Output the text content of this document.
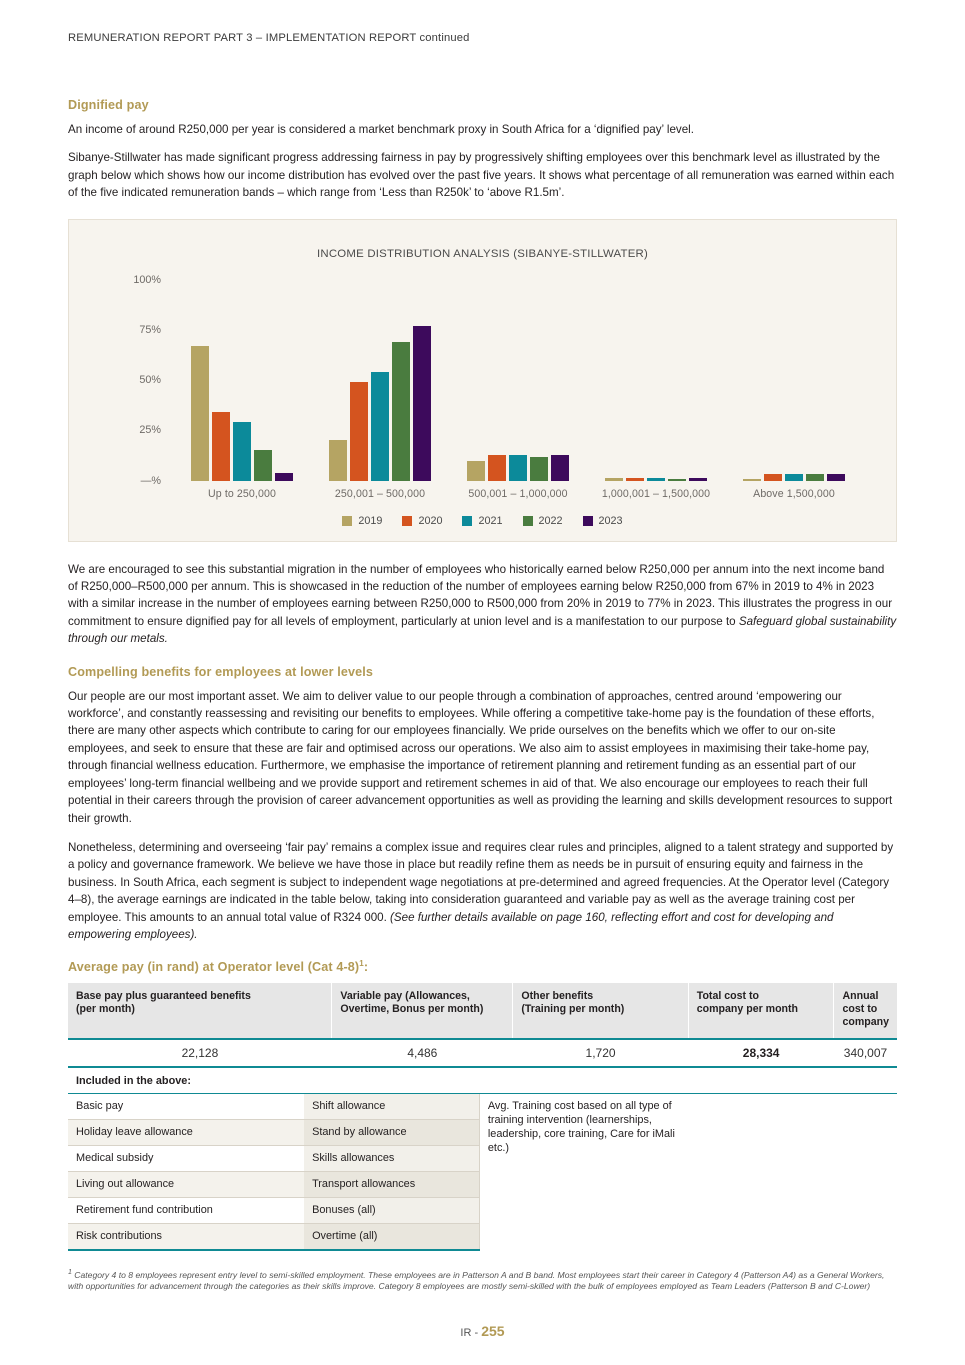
REMUNERATION REPORT PART 3 – IMPLEMENTATION REPORT continued
Dignified pay

An income of around R250,000 per year is considered a market benchmark proxy in South Africa for a ‘dignified pay’ level.

Sibanye-Stillwater has made significant progress addressing fairness in pay by progressively shifting employees over this benchmark level as illustrated by the graph below which shows how our income distribution has evolved over the past five years. It shows what percentage of all remuneration was earned within each of the five indicated remuneration bands – which range from ‘Less than R250k’ to ‘above R1.5m’.

INCOME DISTRIBUTION ANALYSIS (SIBANYE-STILLWATER)
100%
75%
50%
25%
—%
Up to 250,000	250,001 – 500,000	500,001 – 1,000,000	1,000,001 – 1,500,000	Above 1,500,000
2019	2020	2021	2022	2023

We are encouraged to see this substantial migration in the number of employees who historically earned below R250,000 per annum into the next income band of R250,000–R500,000 per annum. This is showcased in the reduction of the number of employees earning below R250,000 from 67% in 2019 to 4% in 2023 with a similar increase in the number of employees earning between R250,000 to R500,000 from 20% in 2019 to 77% in 2023. This illustrates the progress in our commitment to ensure dignified pay for all levels of employment, particularly at union level and is a manifestation to our purpose to Safeguard global sustainability through our metals.

Compelling benefits for employees at lower levels

Our people are our most important asset. We aim to deliver value to our people through a combination of approaches, centred around ‘empowering our workforce’, and constantly reassessing and revisiting our benefits to employees. While offering a competitive take-home pay is the foundation of these efforts, there are many other aspects which contribute to caring for our employees financially. We pride ourselves on the benefits which we offer to our on-site employees, and seek to ensure that these are fair and optimised across our operations. We also aim to assist employees in maximising their take-home pay, through financial wellness education. Furthermore, we emphasise the importance of retirement planning and retirement funding as an essential part of our employees’ long-term financial wellbeing and we provide support and retirement schemes in aid of that. We also encourage our employees to reach their full potential in their careers through the provision of career advancement opportunities as well as providing the learning and skills development resources to support their growth.

Nonetheless, determining and overseeing ‘fair pay’ remains a complex issue and requires clear rules and principles, aligned to a talent strategy and supported by a policy and governance framework. We believe we have those in place but readily refine them as needs be in pursuit of ensuring equity and fairness in the business. In South Africa, each segment is subject to independent wage negotiations at pre-determined and agreed frequencies. At the Operator level (Category 4–8), the average earnings are indicated in the table below, taking into consideration guaranteed and variable pay as well as the average training cost per employee. This amounts to an annual total value of R324 000. (See further details available on page 160, reflecting effort and cost for developing and empowering employees).

Average pay (in rand) at Operator level (Cat 4-8)$^1$:
Base pay plus guaranteed benefits
(per month)	Variable pay (Allowances,
Overtime, Bonus per month)	Other benefits
(Training per month)	Total cost to
company per month	Annual cost to
company
22,128	4,486	1,720	28,334	340,007
Included in the above:				
Basic pay	Shift allowance	Avg. Training cost based on all type of training intervention (learnerships, leadership, core training, Care for iMali etc.)
Holiday leave allowance	Stand by allowance	
Medical subsidy	Skills allowances	
Living out allowance	Transport allowances	
Retirement fund contribution	Bonuses (all)	
Risk contributions	Overtime (all)	
$^1$ Category 4 to 8 employees represent entry level to semi-skilled employment. These employees are in Patterson A and B band. Most employees start their career in Category 4 (Patterson A4) as a General Workers, with opportunities for advancement through the categories as their skills improve. Category 8 employees are mostly semi-skilled with the bulk of employees employed as Team Leaders (Patterson B and C-Lower)
IR - 255
